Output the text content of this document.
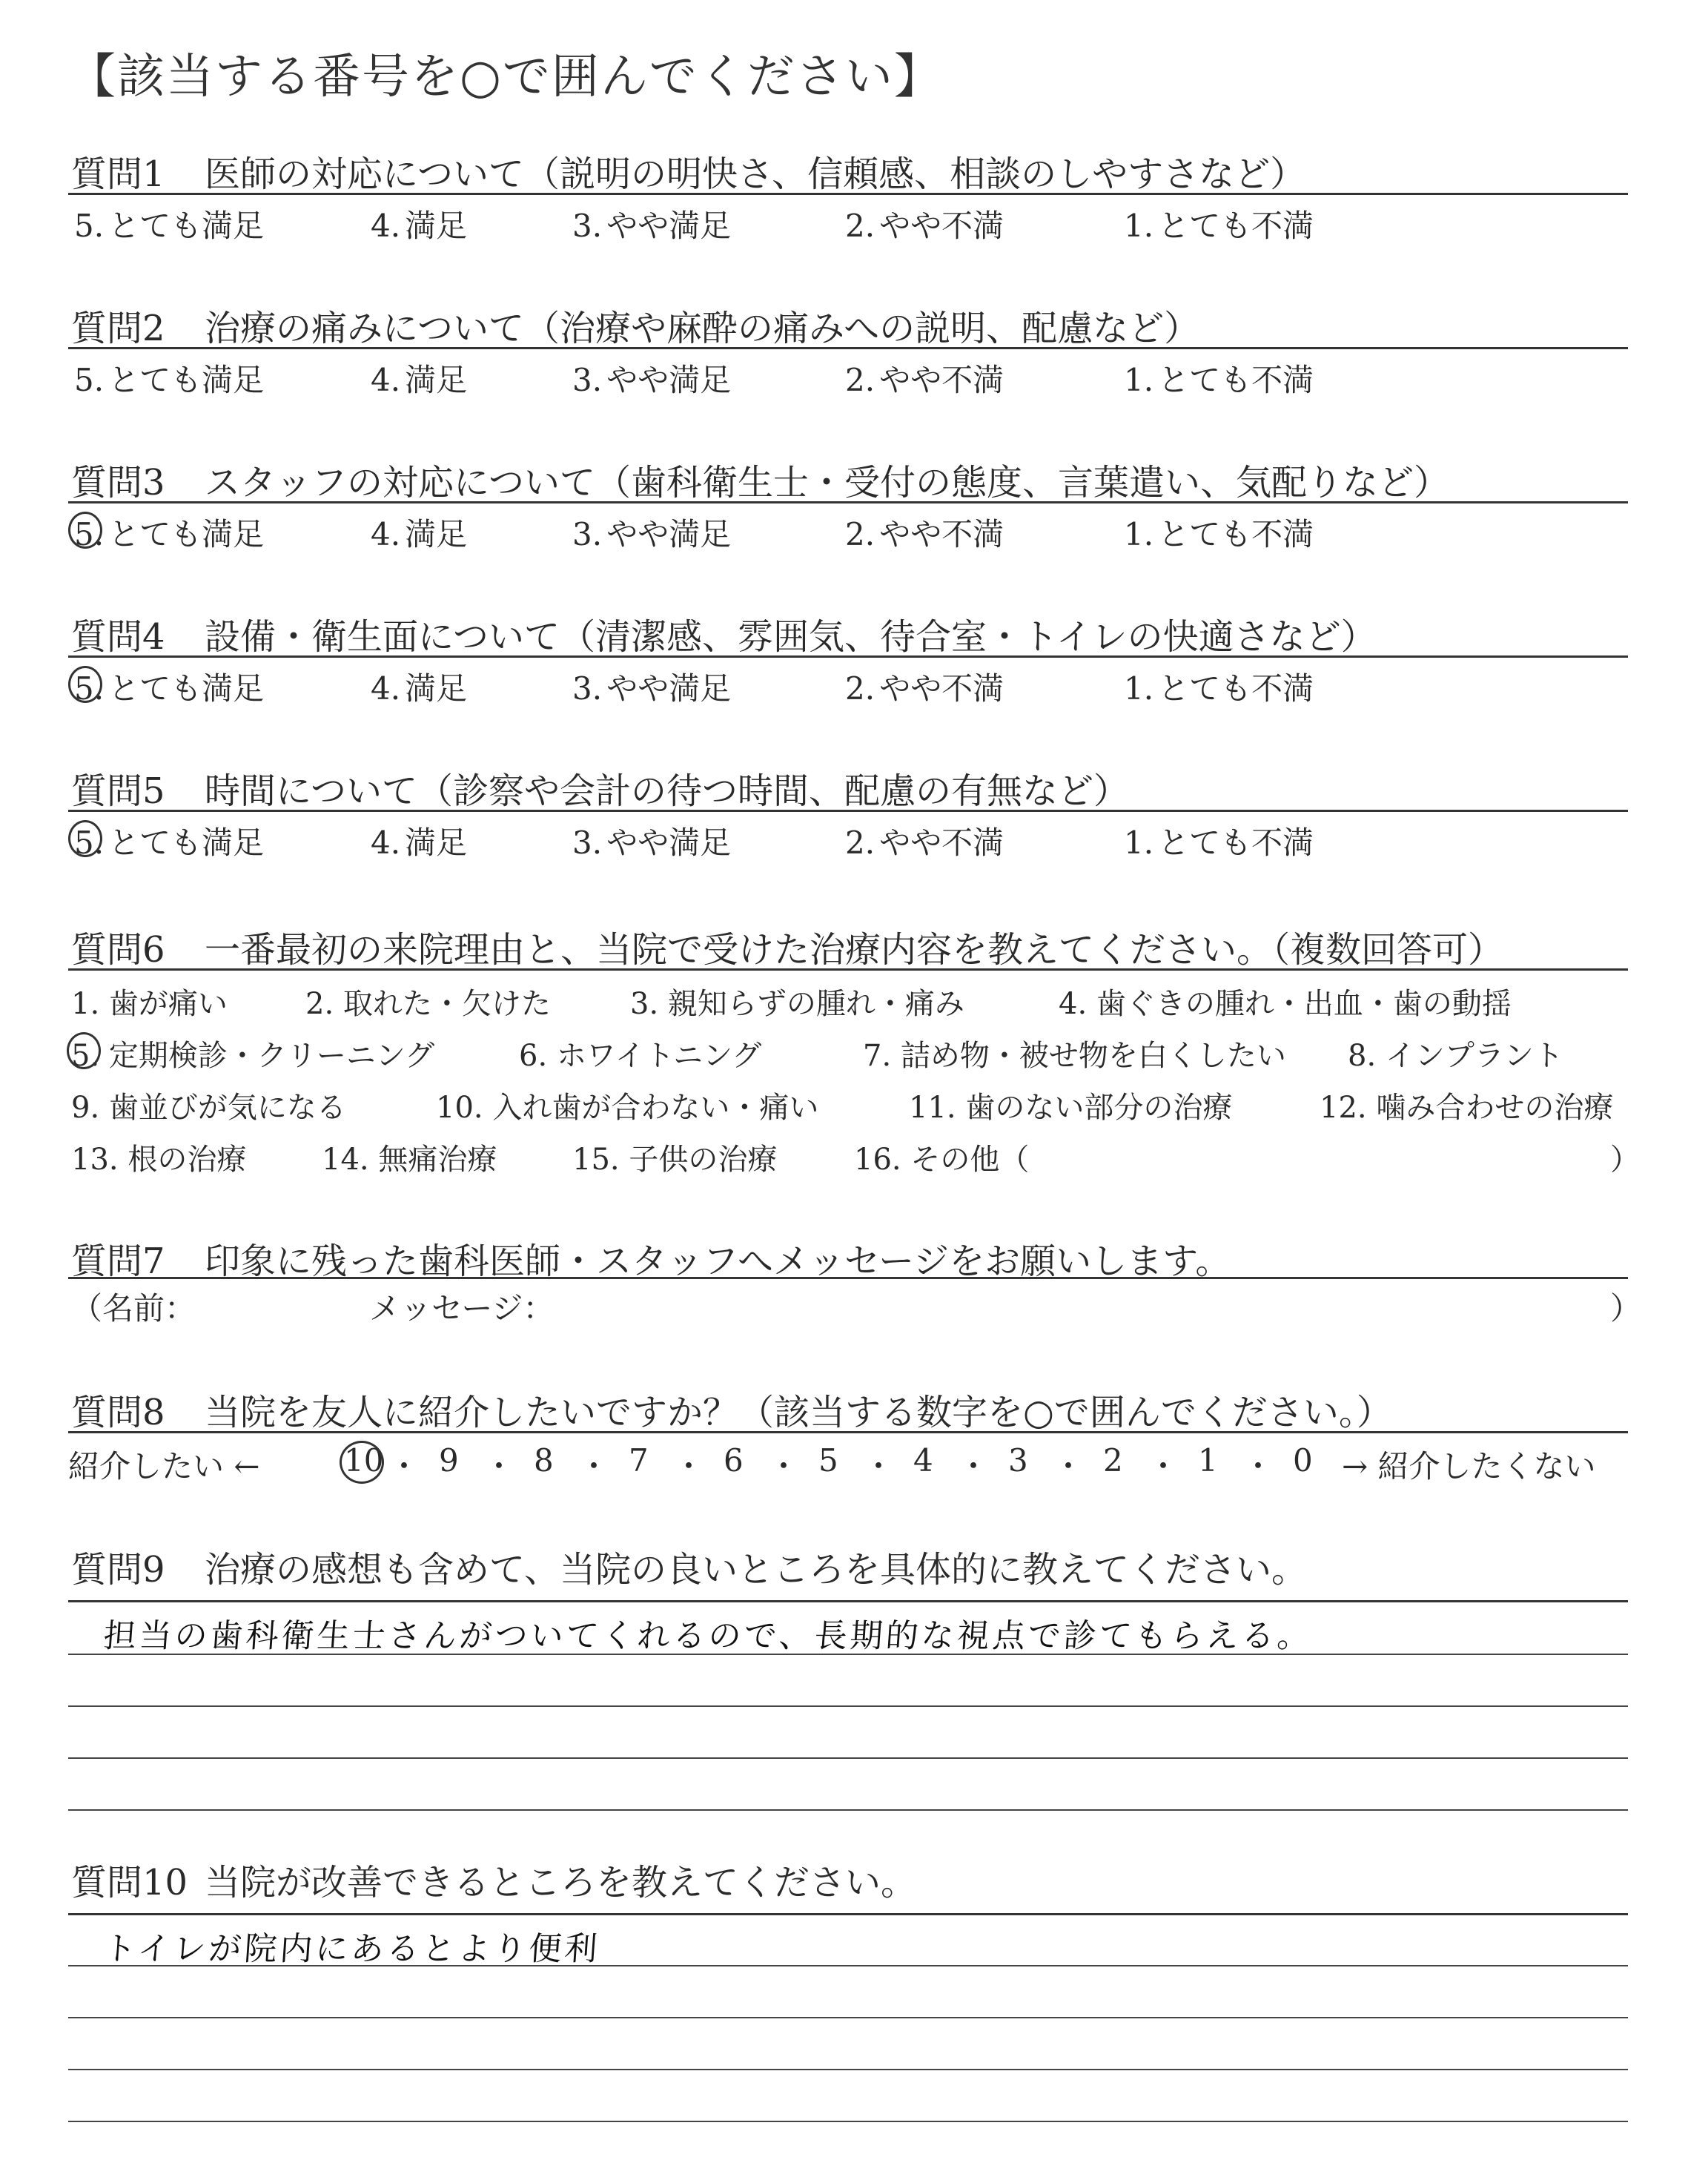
【該当する番号を○で囲んでください】
質問1 医師の対応について（説明の明快さ、信頼感、相談のしやすさなど）
5. とても満足	4. 満足	3. やや満足	2. やや不満	1. とても不満
質問2 治療の痛みについて（治療や麻酔の痛みへの説明、配慮など）
5. とても満足	4. 満足	3. やや満足	2. やや不満	1. とても不満
質問3 スタッフの対応について（歯科衛生士・受付の態度、言葉遣い、気配りなど）
5. とても満足	4. 満足	3. やや満足	2. やや不満	1. とても不満
質問4 設備・衛生面について（清潔感、雰囲気、待合室・トイレの快適さなど）
5. とても満足	4. 満足	3. やや満足	2. やや不満	1. とても不満
質問5 時間について（診察や会計の待つ時間、配慮の有無など）
5. とても満足	4. 満足	3. やや満足	2. やや不満	1. とても不満
質問6 一番最初の来院理由と、当院で受けた治療内容を教えてください。（複数回答可）
1. 歯が痛い	2. 取れた・欠けた	3. 親知らずの腫れ・痛み	4. 歯ぐきの腫れ・出血・歯の動揺
5. 定期検診・クリーニング	6. ホワイトニング	7. 詰め物・被せ物を白くしたい 8. インプラント
9. 歯並びが気になる	10. 入れ歯が合わない・痛い	11. 歯のない部分の治療	12. 噛み合わせの治療
13. 根の治療	14. 無痛治療	15. 子供の治療	16. その他（	）
質問7 印象に残った歯科医師・スタッフへメッセージをお願いします。
（名前：	メッセージ：	）
質問8 当院を友人に紹介したいですか？（該当する数字を○で囲んでください。）
紹介したい ←	→ 紹介したくない
10 ・ 9 ・ 8 ・ 7 ・ 6 ・ 5 ・ 4 ・ 3 ・ 2 ・ 1 ・ 0
質問9 治療の感想も含めて、当院の良いところを具体的に教えてください。
担当の歯科衛生士さんがついてくれるので、長期的な視点で診てもらえる。
質問10 当院が改善できるところを教えてください。
トイレが院内にあるとより便利
